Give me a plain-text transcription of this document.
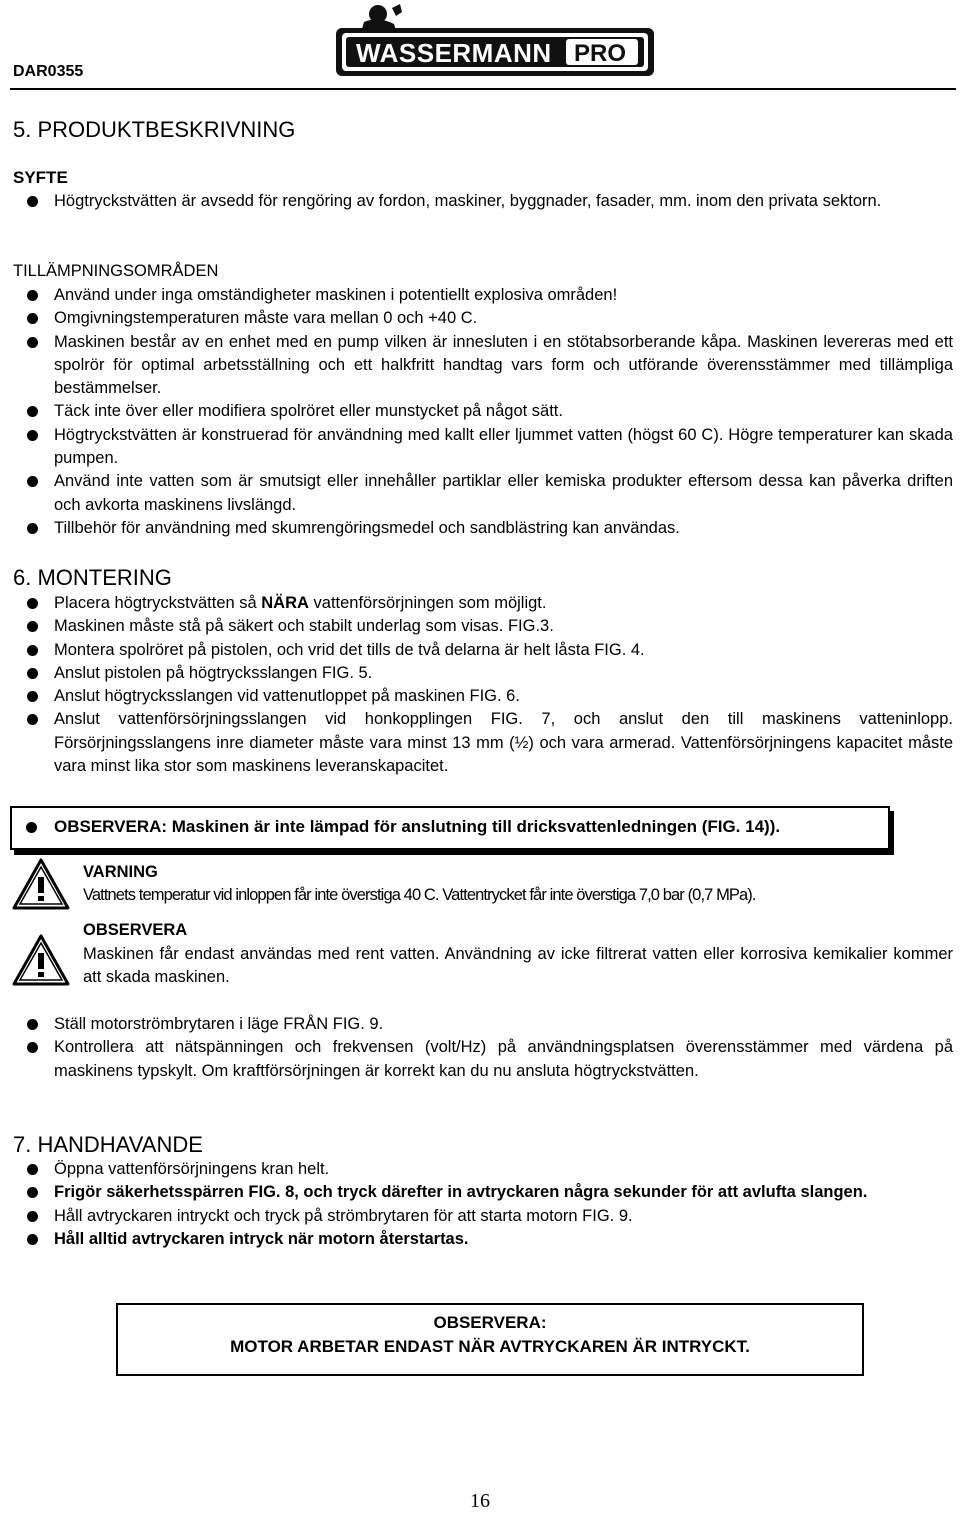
DAR0355
WASSERMANN PRO
5. PRODUKTBESKRIVNING
SYFTE
Högtryckstvätten är avsedd för rengöring av fordon, maskiner, byggnader, fasader, mm. inom den privata sektorn.
TILLÄMPNINGSOMRÅDEN
Använd under inga omständigheter maskinen i potentiellt explosiva områden!
Omgivningstemperaturen måste vara mellan 0 och +40 C.
Maskinen består av en enhet med en pump vilken är innesluten i en stötabsorberande kåpa. Maskinen levereras med ett spolrör för optimal arbetsställning och ett halkfritt handtag vars form och utförande överensstämmer med tillämpliga bestämmelser.
Täck inte över eller modifiera spolröret eller munstycket på något sätt.
Högtryckstvätten är konstruerad för användning med kallt eller ljummet vatten (högst 60 C). Högre temperaturer kan skada pumpen.
Använd inte vatten som är smutsigt eller innehåller partiklar eller kemiska produkter eftersom dessa kan påverka driften och avkorta maskinens livslängd.
Tillbehör för användning med skumrengöringsmedel och sandblästring kan användas.
6. MONTERING
Placera högtryckstvätten så NÄRA vattenförsörjningen som möjligt.
Maskinen måste stå på säkert och stabilt underlag som visas. FIG.3.
Montera spolröret på pistolen, och vrid det tills de två delarna är helt låsta FIG. 4.
Anslut pistolen på högtrycksslangen FIG. 5.
Anslut högtrycksslangen vid vattenutloppet på maskinen FIG. 6.
Anslut vattenförsörjningsslangen vid honkopplingen FIG. 7, och anslut den till maskinens vatteninlopp. Försörjningsslangens inre diameter måste vara minst 13 mm (½) och vara armerad. Vattenförsörjningens kapacitet måste vara minst lika stor som maskinens leveranskapacitet.
OBSERVERA: Maskinen är inte lämpad för anslutning till dricksvattenledningen (FIG. 14)).
VARNING
Vattnets temperatur vid inloppen får inte överstiga 40 C. Vattentrycket får inte överstiga 7,0 bar (0,7 MPa).
OBSERVERA
Maskinen får endast användas med rent vatten. Användning av icke filtrerat vatten eller korrosiva kemikalier kommer att skada maskinen.
Ställ motorströmbrytaren i läge FRÅN FIG. 9.
Kontrollera att nätspänningen och frekvensen (volt/Hz) på användningsplatsen överensstämmer med värdena på maskinens typskylt. Om kraftförsörjningen är korrekt kan du nu ansluta högtryckstvätten.
7. HANDHAVANDE
Öppna vattenförsörjningens kran helt.
Frigör säkerhetsspärren FIG. 8, och tryck därefter in avtryckaren några sekunder för att avlufta slangen.
Håll avtryckaren intryckt och tryck på strömbrytaren för att starta motorn FIG. 9.
Håll alltid avtryckaren intryck när motorn återstartas.
OBSERVERA:
MOTOR ARBETAR ENDAST NÄR AVTRYCKAREN ÄR INTRYCKT.
16
